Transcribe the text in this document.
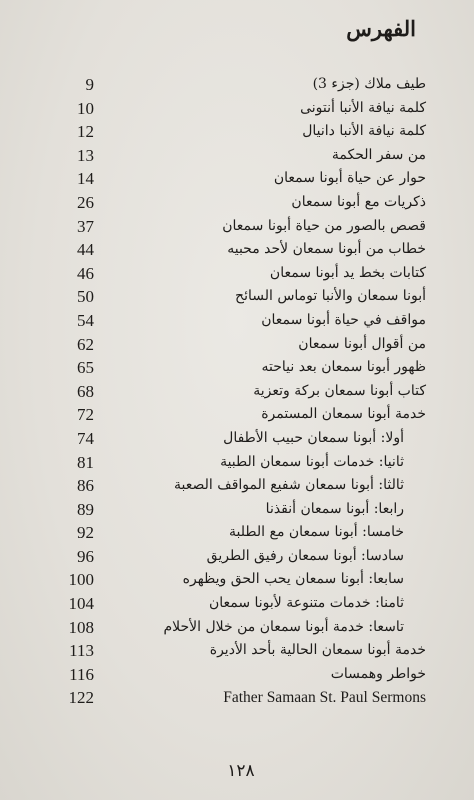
الفهرس
9	طيف ملاك (جزء 3)
10	كلمة نيافة الأنبا أنتونى
12	كلمة نيافة الأنبا دانيال
13	من سفر الحكمة
14	حوار عن حياة أبونا سمعان
26	ذكريات مع أبونا سمعان
37	قصص بالصور من حياة أبونا سمعان
44	خطاب من أبونا سمعان لأحد محبيه
46	كتابات بخط يد أبونا سمعان
50	أبونا سمعان والأنبا توماس السائح
54	مواقف في حياة أبونا سمعان
62	من أقوال أبونا سمعان
65	ظهور أبونا سمعان بعد نياحته
68	كتاب أبونا سمعان بركة وتعزية
72	خدمة أبونا سمعان المستمرة
74	أولا: أبونا سمعان حبيب الأطفال
81	ثانيا: خدمات أبونا سمعان الطبية
86	ثالثا: أبونا سمعان شفيع المواقف الصعبة
89	رابعا: أبونا سمعان أنقذنا
92	خامسا: أبونا سمعان مع الطلبة
96	سادسا: أبونا سمعان رفيق الطريق
100	سابعا: أبونا سمعان يحب الحق ويظهره
104	ثامنا: خدمات متنوعة لأبونا سمعان
108	تاسعا: خدمة أبونا سمعان من خلال الأحلام
113	خدمة أبونا سمعان الحالية بأحد الأديرة
116	خواطر وهمسات
122	Father Samaan St. Paul Sermons
١٢٨
